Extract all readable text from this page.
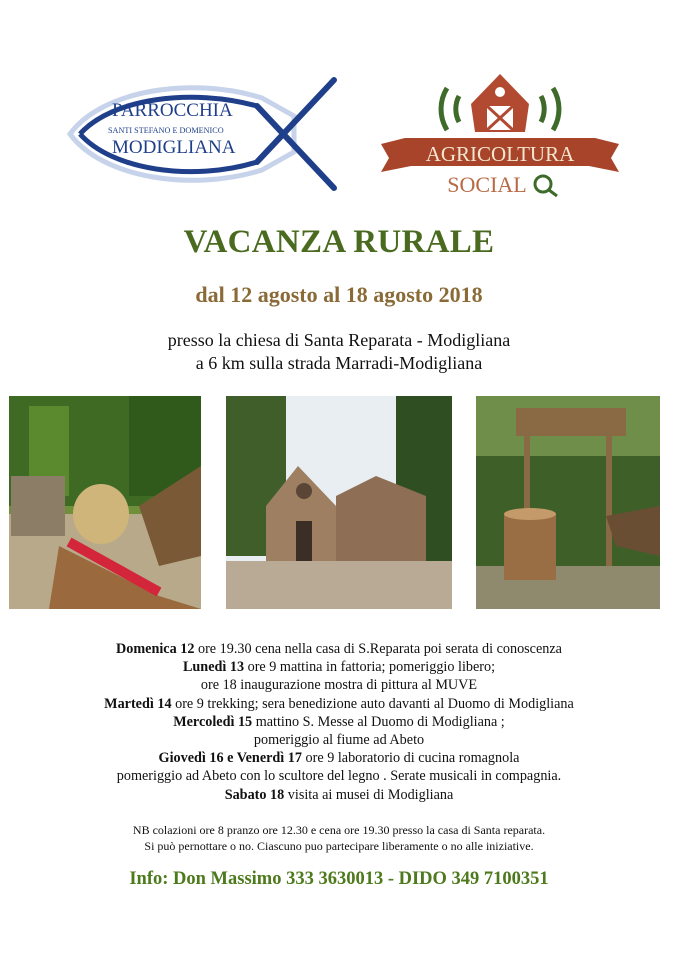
PARROCCHIA
SANTI STEFANO E DOMENICO
MODIGLIANA	AGRICOLTURA
SOCIAL
VACANZA RURALE
dal 12 agosto al 18 agosto 2018
presso la chiesa di Santa Reparata - Modigliana
a 6 km sulla strada Marradi-Modigliana
Domenica 12 ore 19.30 cena nella casa di S.Reparata poi serata di conoscenza
Lunedì 13 ore 9 mattina in fattoria; pomeriggio libero;
ore 18 inaugurazione mostra di pittura al MUVE
Martedì 14 ore 9 trekking; sera benedizione auto davanti al Duomo di Modigliana
Mercoledì 15 mattino S. Messe al Duomo di Modigliana ;
pomeriggio al fiume ad Abeto
Giovedì 16 e Venerdì 17 ore 9 laboratorio di cucina romagnola
pomeriggio ad Abeto con lo scultore del legno . Serate musicali in compagnia.
Sabato 18 visita ai musei di Modigliana
NB colazioni ore 8 pranzo ore 12.30 e cena ore 19.30 presso la casa di Santa reparata.
Si può pernottare o no. Ciascuno puo partecipare liberamente o no alle iniziative.
Info: Don Massimo 333 3630013 - DIDO 349 7100351
